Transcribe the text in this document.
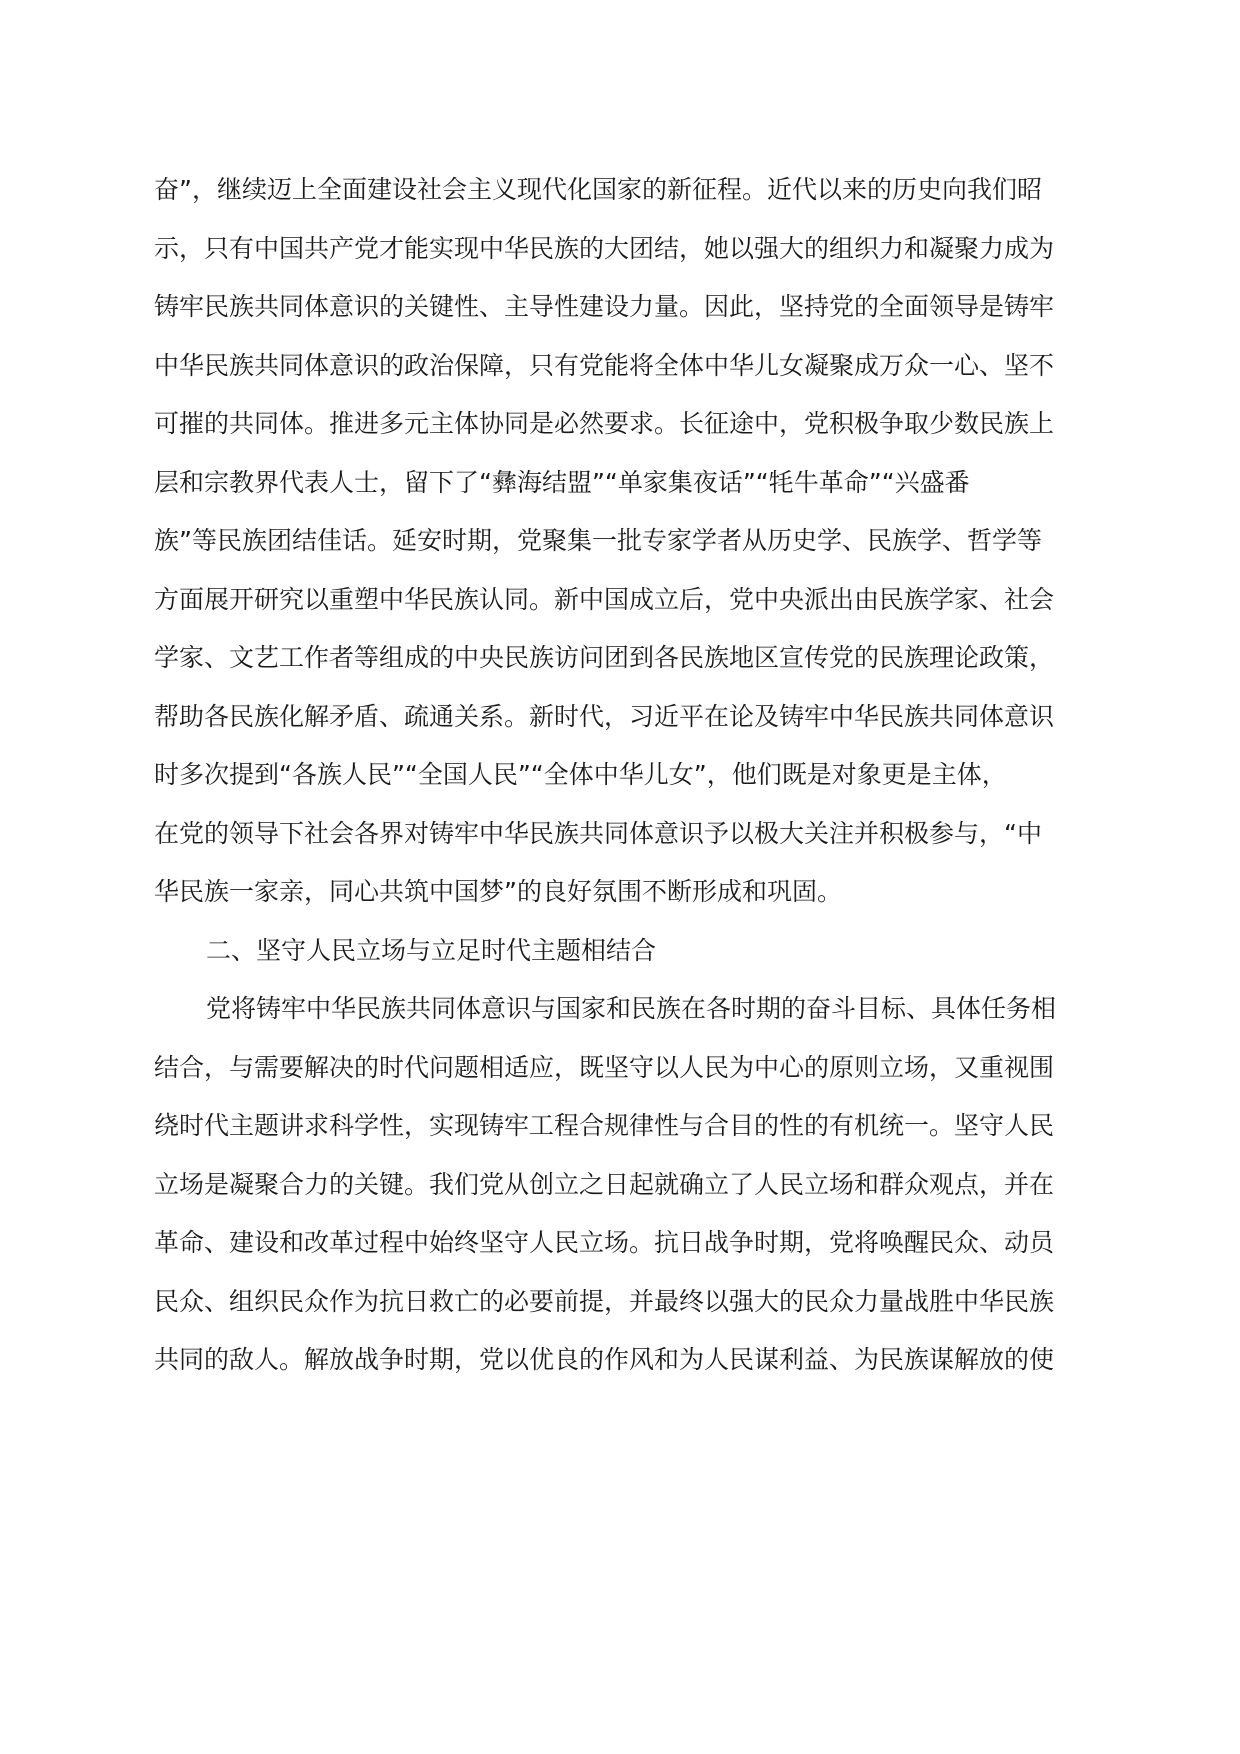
奋”，继续迈上全面建设社会主义现代化国家的新征程。近代以来的历史向我们昭
示，只有中国共产党才能实现中华民族的大团结，她以强大的组织力和凝聚力成为
铸牢民族共同体意识的关键性、主导性建设力量。因此，坚持党的全面领导是铸牢
中华民族共同体意识的政治保障，只有党能将全体中华儿女凝聚成万众一心、坚不
可摧的共同体。推进多元主体协同是必然要求。长征途中，党积极争取少数民族上
层和宗教界代表人士，留下了“彝海结盟”“单家集夜话”“牦牛革命”“兴盛番
族”等民族团结佳话。延安时期，党聚集一批专家学者从历史学、民族学、哲学等
方面展开研究以重塑中华民族认同。新中国成立后，党中央派出由民族学家、社会
学家、文艺工作者等组成的中央民族访问团到各民族地区宣传党的民族理论政策，
帮助各民族化解矛盾、疏通关系。新时代，习近平在论及铸牢中华民族共同体意识
时多次提到“各族人民”“全国人民”“全体中华儿女”，他们既是对象更是主体，
在党的领导下社会各界对铸牢中华民族共同体意识予以极大关注并积极参与，“中
华民族一家亲，同心共筑中国梦”的良好氛围不断形成和巩固。
二、坚守人民立场与立足时代主题相结合
党将铸牢中华民族共同体意识与国家和民族在各时期的奋斗目标、具体任务相
结合，与需要解决的时代问题相适应，既坚守以人民为中心的原则立场，又重视围
绕时代主题讲求科学性，实现铸牢工程合规律性与合目的性的有机统一。坚守人民
立场是凝聚合力的关键。我们党从创立之日起就确立了人民立场和群众观点，并在
革命、建设和改革过程中始终坚守人民立场。抗日战争时期，党将唤醒民众、动员
民众、组织民众作为抗日救亡的必要前提，并最终以强大的民众力量战胜中华民族
共同的敌人。解放战争时期，党以优良的作风和为人民谋利益、为民族谋解放的使
